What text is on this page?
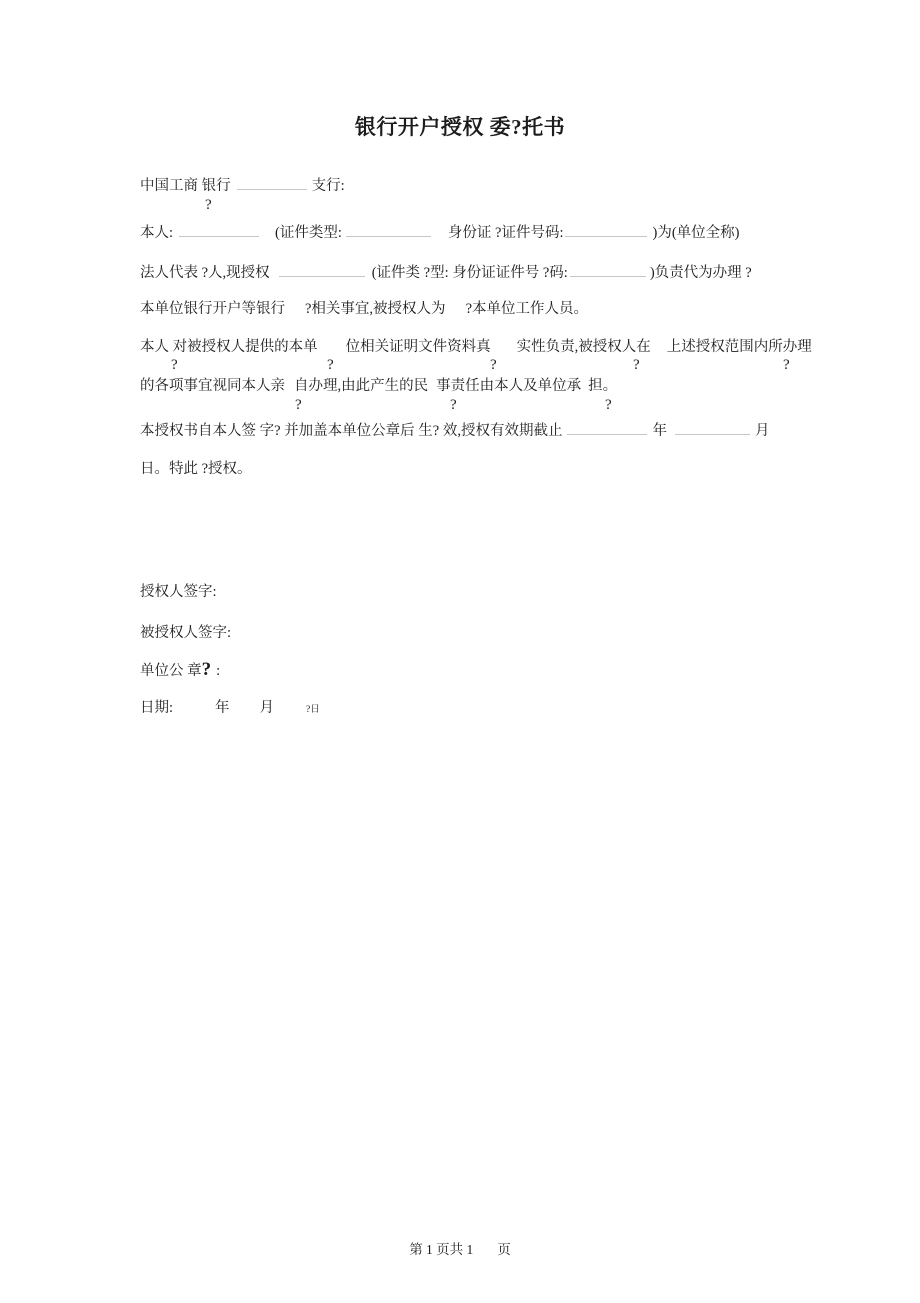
银行开户授权 委?托书
中国工商 银行	支行:
?
本人:	(证件类型:	身份证 ?证件号码:	)为(单位全称)
法人代表 ?人,现授权	(证件类 ?型: 身份证证件号 ?码:	)负责代为办理 ?
本单位银行开户等银行 ?相关事宜,被授权人为 ?本单位工作人员。
本人 对被授权人提供的本单 位相关证明文件资料真 实性负责,被授权人在 上述授权范围内所办理
?	?	?	?	?
的各项事宜视同本人亲 自办理,由此产生的民 事责任由本人及单位承 担。
?	?	?
本授权书自本人签 字? 并加盖本单位公章后 生? 效,授权有效期截止	年	月
日。特此 ?授权。
授权人签字:
被授权人签字:
单位公 章? :
日期:	年 月	?日
第 1 页共 1 页
